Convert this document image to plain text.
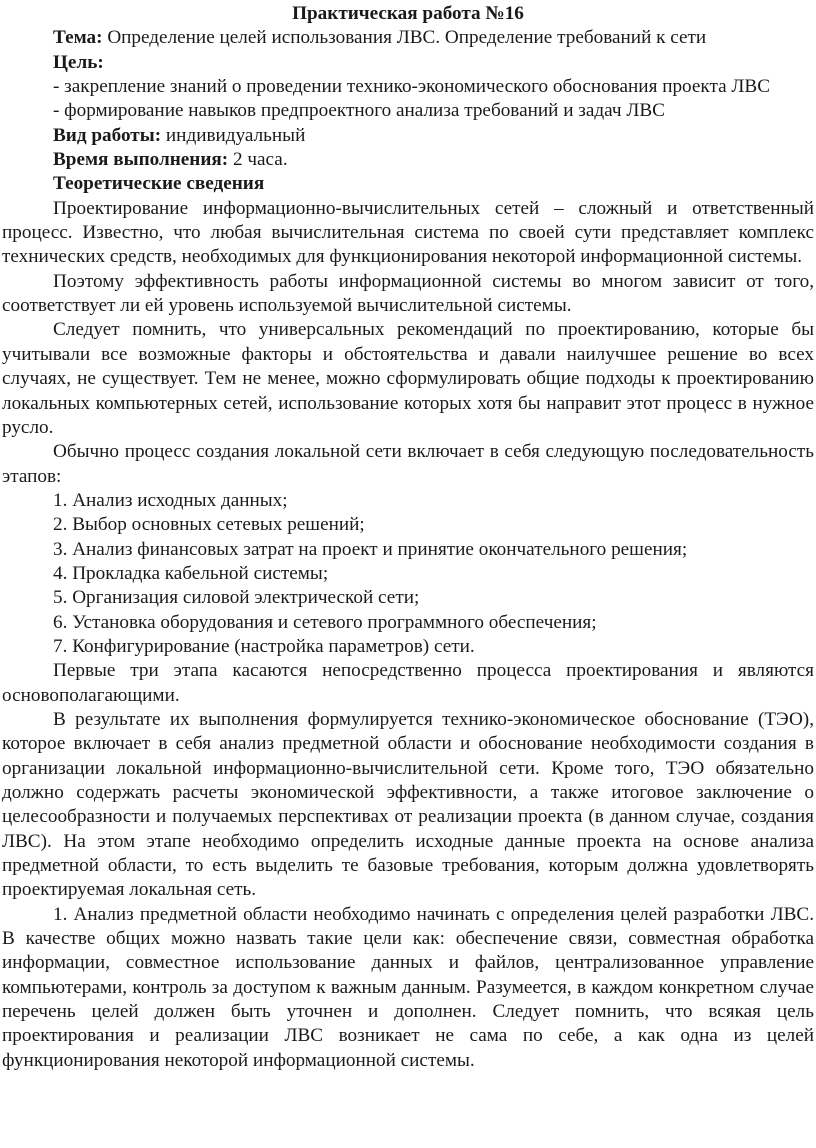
Практическая работа №16

Тема: Определение целей использования ЛВС. Определение требований к сети

Цель:

- закрепление знаний о проведении технико-экономического обоснования проекта ЛВС

- формирование навыков предпроектного анализа требований и задач ЛВС

Вид работы: индивидуальный

Время выполнения: 2 часа.

Теоретические сведения

Проектирование информационно-вычислительных сетей – сложный и ответственный процесс. Известно, что любая вычислительная система по своей сути представляет комплекс технических средств, необходимых для функционирования некоторой информационной системы.

Поэтому эффективность работы информационной системы во многом зависит от того, соответствует ли ей уровень используемой вычислительной системы.

Следует помнить, что универсальных рекомендаций по проектированию, которые бы учитывали все возможные факторы и обстоятельства и давали наилучшее решение во всех случаях, не существует. Тем не менее, можно сформулировать общие подходы к проектированию локальных компьютерных сетей, использование которых хотя бы направит этот процесс в нужное русло.

Обычно процесс создания локальной сети включает в себя следующую последовательность этапов:

1. Анализ исходных данных;

2. Выбор основных сетевых решений;

3. Анализ финансовых затрат на проект и принятие окончательного решения;

4. Прокладка кабельной системы;

5. Организация силовой электрической сети;

6. Установка оборудования и сетевого программного обеспечения;

7. Конфигурирование (настройка параметров) сети.

Первые три этапа касаются непосредственно процесса проектирования и являются основополагающими.

В результате их выполнения формулируется технико-экономическое обоснование (ТЭО), которое включает в себя анализ предметной области и обоснование необходимости создания в организации локальной информационно-вычислительной сети. Кроме того, ТЭО обязательно должно содержать расчеты экономической эффективности, а также итоговое заключение о целесообразности и получаемых перспективах от реализации проекта (в данном случае, создания ЛВС). На этом этапе необходимо определить исходные данные проекта на основе анализа предметной области, то есть выделить те базовые требования, которым должна удовлетворять проектируемая локальная сеть.

1. Анализ предметной области необходимо начинать с определения целей разработки ЛВС. В качестве общих можно назвать такие цели как: обеспечение связи, совместная обработка информации, совместное использование данных и файлов, централизованное управление компьютерами, контроль за доступом к важным данным. Разумеется, в каждом конкретном случае перечень целей должен быть уточнен и дополнен. Следует помнить, что всякая цель проектирования и реализации ЛВС возникает не сама по себе, а как одна из целей функционирования некоторой информационной системы.
